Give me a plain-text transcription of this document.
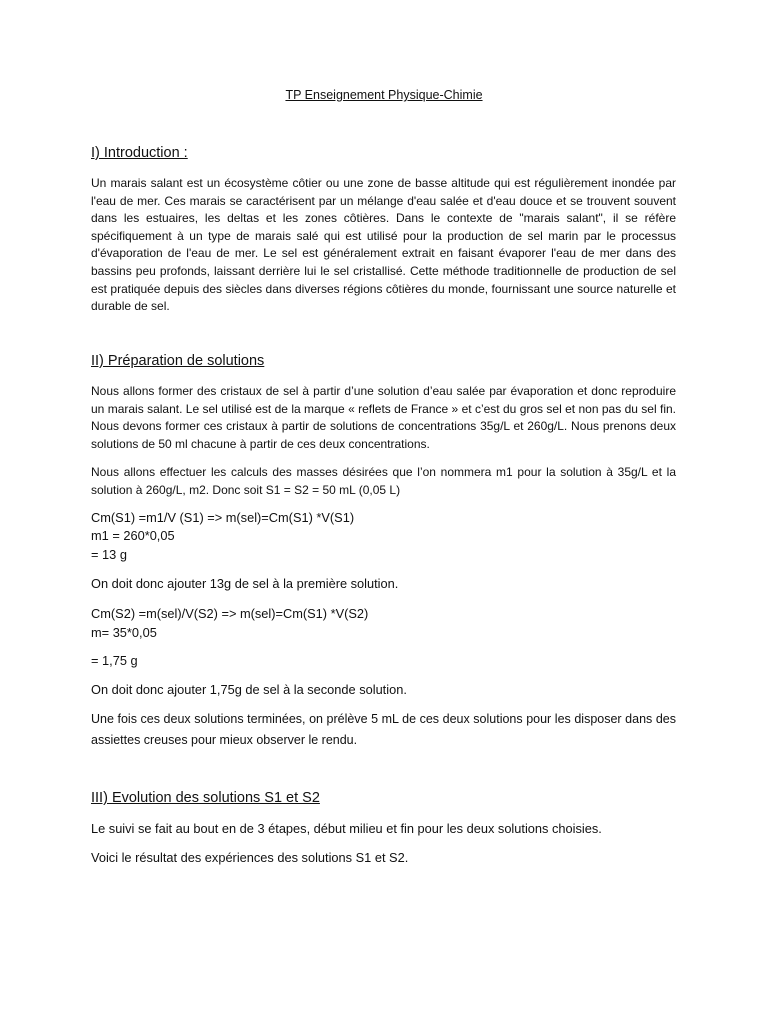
TP Enseignement Physique-Chimie
I) Introduction :

Un marais salant est un écosystème côtier ou une zone de basse altitude qui est régulièrement inondée par l'eau de mer. Ces marais se caractérisent par un mélange d'eau salée et d'eau douce et se trouvent souvent dans les estuaires, les deltas et les zones côtières. Dans le contexte de "marais salant", il se réfère spécifiquement à un type de marais salé qui est utilisé pour la production de sel marin par le processus d'évaporation de l'eau de mer. Le sel est généralement extrait en faisant évaporer l'eau de mer dans des bassins peu profonds, laissant derrière lui le sel cristallisé. Cette méthode traditionnelle de production de sel est pratiquée depuis des siècles dans diverses régions côtières du monde, fournissant une source naturelle et durable de sel.

II) Préparation de solutions

Nous allons former des cristaux de sel à partir d’une solution d’eau salée par évaporation et donc reproduire un marais salant. Le sel utilisé est de la marque « reflets de France » et c’est du gros sel et non pas du sel fin. Nous devons former ces cristaux à partir de solutions de concentrations 35g/L et 260g/L. Nous prenons deux solutions de 50 ml chacune à partir de ces deux concentrations.

Nous allons effectuer les calculs des masses désirées que l’on nommera m1 pour la solution à 35g/L et la solution à 260g/L, m2. Donc soit S1 = S2 = 50 mL (0,05 L)

Cm(S1) =m1/V (S1) => m(sel)=Cm(S1) *V(S1)

m1 = 260*0,05

= 13 g

On doit donc ajouter 13g de sel à la première solution.

Cm(S2) =m(sel)/V(S2) => m(sel)=Cm(S1) *V(S2)

m= 35*0,05

= 1,75 g

On doit donc ajouter 1,75g de sel à la seconde solution.

Une fois ces deux solutions terminées, on prélève 5 mL de ces deux solutions pour les disposer dans des assiettes creuses pour mieux observer le rendu.

III) Evolution des solutions S1 et S2

Le suivi se fait au bout en de 3 étapes, début milieu et fin pour les deux solutions choisies.

Voici le résultat des expériences des solutions S1 et S2.
